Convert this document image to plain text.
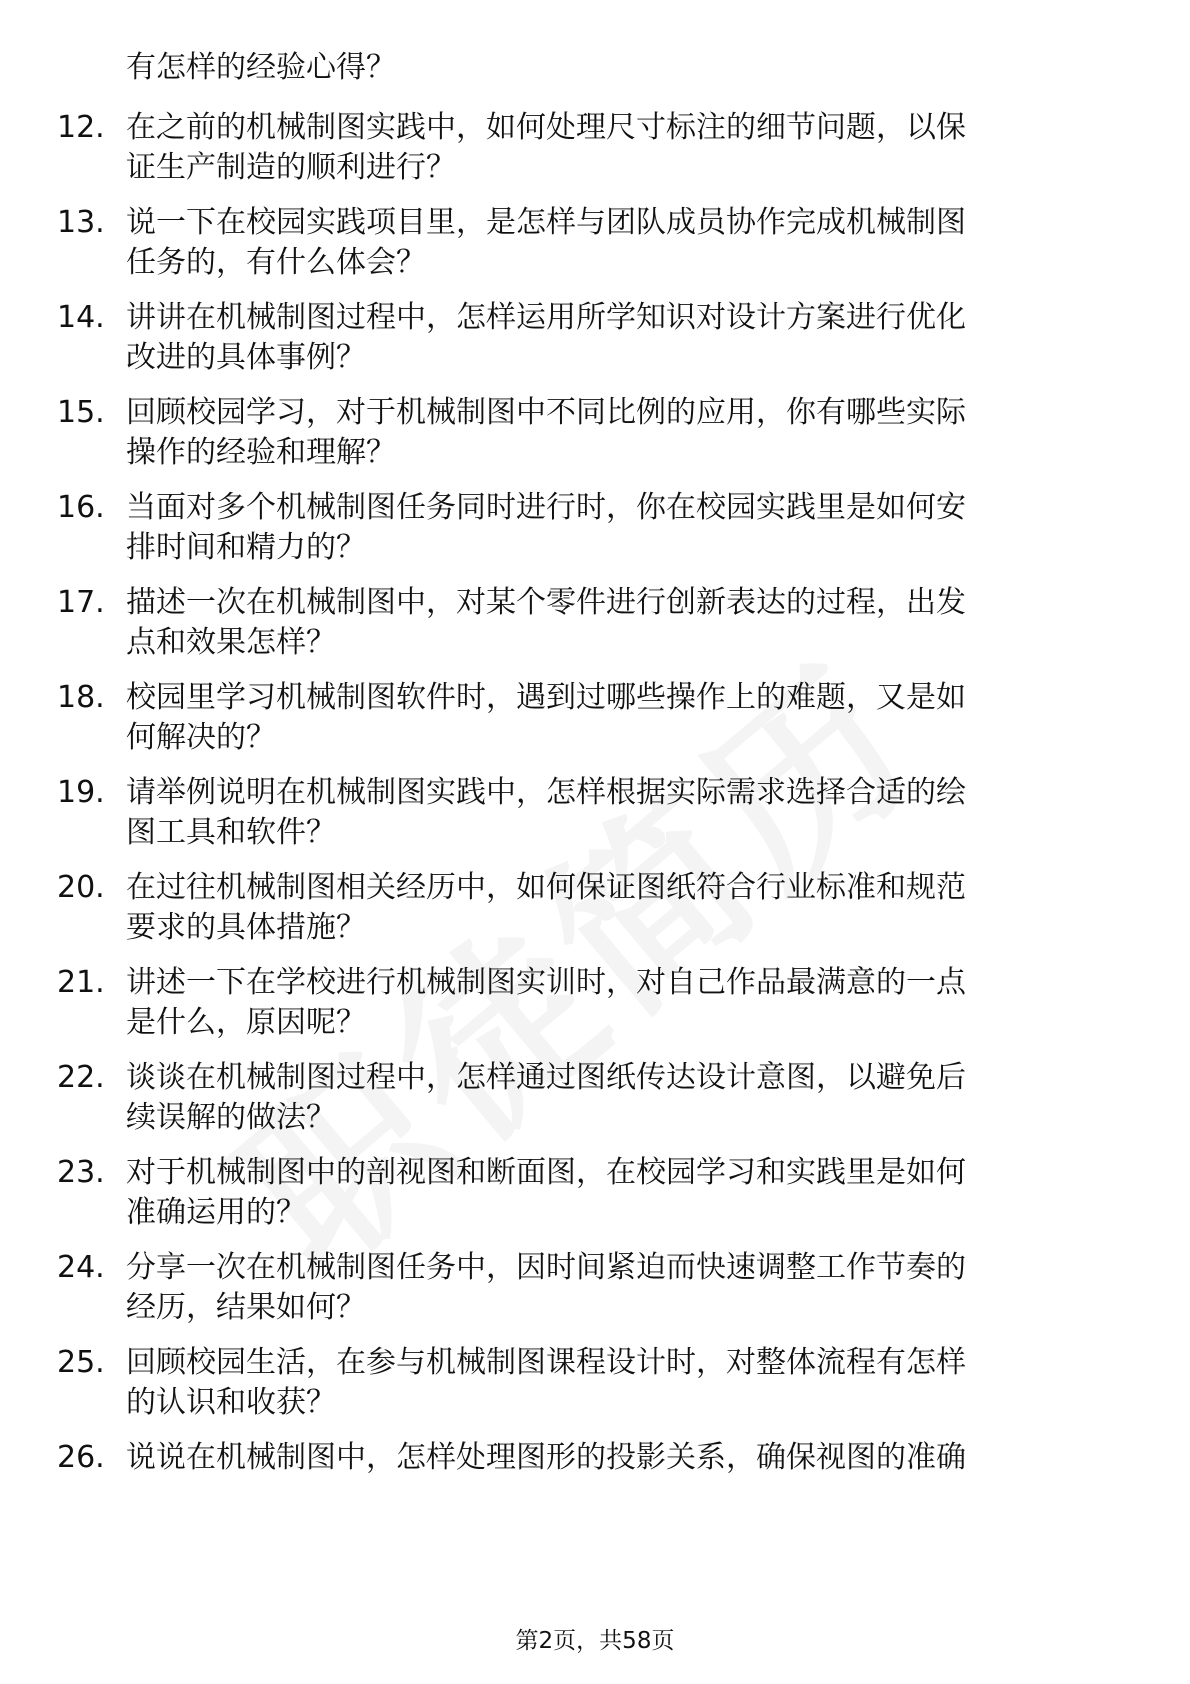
有怎样的经验心得？
12. 在之前的机械制图实践中，如何处理尺寸标注的细节问题，以保
证生产制造的顺利进行？
13. 说一下在校园实践项目里，是怎样与团队成员协作完成机械制图
任务的，有什么体会？
14. 讲讲在机械制图过程中，怎样运用所学知识对设计方案进行优化
改进的具体事例？
15. 回顾校园学习，对于机械制图中不同比例的应用，你有哪些实际
操作的经验和理解？
16. 当面对多个机械制图任务同时进行时，你在校园实践里是如何安
排时间和精力的？
17. 描述一次在机械制图中，对某个零件进行创新表达的过程，出发
点和效果怎样？
18. 校园里学习机械制图软件时，遇到过哪些操作上的难题，又是如
何解决的？
19. 请举例说明在机械制图实践中，怎样根据实际需求选择合适的绘
图工具和软件？
20. 在过往机械制图相关经历中，如何保证图纸符合行业标准和规范
要求的具体措施？
21. 讲述一下在学校进行机械制图实训时，对自己作品最满意的一点
是什么，原因呢？
22. 谈谈在机械制图过程中，怎样通过图纸传达设计意图，以避免后
续误解的做法？
23. 对于机械制图中的剖视图和断面图，在校园学习和实践里是如何
准确运用的？
24. 分享一次在机械制图任务中，因时间紧迫而快速调整工作节奏的
经历，结果如何？
25. 回顾校园生活，在参与机械制图课程设计时，对整体流程有怎样
的认识和收获？
26. 说说在机械制图中，怎样处理图形的投影关系，确保视图的准确
第2页，共58页
